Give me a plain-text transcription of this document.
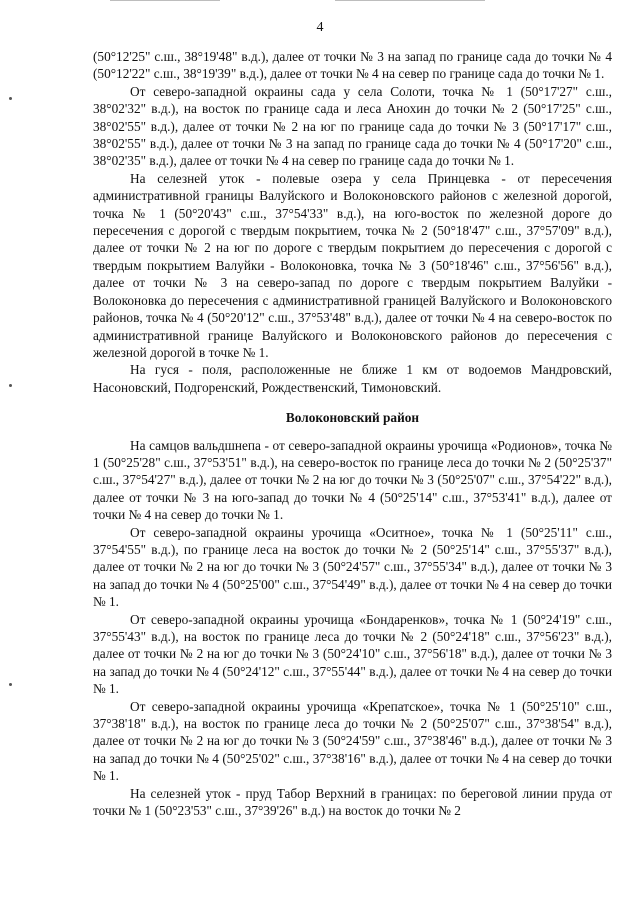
4

(50°12'25" с.ш., 38°19'48" в.д.), далее от точки № 3 на запад по границе сада до точки № 4 (50°12'22" с.ш., 38°19'39" в.д.), далее от точки № 4 на север по границе сада до точки № 1.

От северо-западной окраины сада у села Солоти, точка № 1 (50°17'27" с.ш., 38°02'32" в.д.), на восток по границе сада и леса Анохин до точки № 2 (50°17'25" с.ш., 38°02'55" в.д.), далее от точки № 2 на юг по границе сада до точки № 3 (50°17'17" с.ш., 38°02'55" в.д.), далее от точки № 3 на запад по границе сада до точки № 4 (50°17'20" с.ш., 38°02'35" в.д.), далее от точки № 4 на север по границе сада до точки № 1.

На селезней уток - полевые озера у села Принцевка - от пересечения административной границы Валуйского и Волоконовского районов с железной дорогой, точка № 1 (50°20'43" с.ш., 37°54'33" в.д.), на юго-восток по железной дороге до пересечения с дорогой с твердым покрытием, точка № 2 (50°18'47" с.ш., 37°57'09" в.д.), далее от точки № 2 на юг по дороге с твердым покрытием до пересечения с дорогой с твердым покрытием Валуйки - Волоконовка, точка № 3 (50°18'46" с.ш., 37°56'56" в.д.), далее от точки № 3 на северо-запад по дороге с твердым покрытием Валуйки - Волоконовка до пересечения с административной границей Валуйского и Волоконовского районов, точка № 4 (50°20'12" с.ш., 37°53'48" в.д.), далее от точки № 4 на северо-восток по административной границе Валуйского и Волоконовского районов до пересечения с железной дорогой в точке № 1.

На гуся - поля, расположенные не ближе 1 км от водоемов Мандровский, Насоновский, Подгоренский, Рождественский, Тимоновский.

Волоконовский район

На самцов вальдшнепа - от северо-западной окраины урочища «Родионов», точка № 1 (50°25'28" с.ш., 37°53'51" в.д.), на северо-восток по границе леса до точки № 2 (50°25'37" с.ш., 37°54'27" в.д.), далее от точки № 2 на юг до точки № 3 (50°25'07" с.ш., 37°54'22" в.д.), далее от точки № 3 на юго-запад до точки № 4 (50°25'14" с.ш., 37°53'41" в.д.), далее от точки № 4 на север до точки № 1.

От северо-западной окраины урочища «Оситное», точка № 1 (50°25'11" с.ш., 37°54'55" в.д.), по границе леса на восток до точки № 2 (50°25'14" с.ш., 37°55'37" в.д.), далее от точки № 2 на юг до точки № 3 (50°24'57" с.ш., 37°55'34" в.д.), далее от точки № 3 на запад до точки № 4 (50°25'00" с.ш., 37°54'49" в.д.), далее от точки № 4 на север до точки № 1.

От северо-западной окраины урочища «Бондаренков», точка № 1 (50°24'19" с.ш., 37°55'43" в.д.), на восток по границе леса до точки № 2 (50°24'18" с.ш., 37°56'23" в.д.), далее от точки № 2 на юг до точки № 3 (50°24'10" с.ш., 37°56'18" в.д.), далее от точки № 3 на запад до точки № 4 (50°24'12" с.ш., 37°55'44" в.д.), далее от точки № 4 на север до точки № 1.

От северо-западной окраины урочища «Крепатское», точка № 1 (50°25'10" с.ш., 37°38'18" в.д.), на восток по границе леса до точки № 2 (50°25'07" с.ш., 37°38'54" в.д.), далее от точки № 2 на юг до точки № 3 (50°24'59" с.ш., 37°38'46" в.д.), далее от точки № 3 на запад до точки № 4 (50°25'02" с.ш., 37°38'16" в.д.), далее от точки № 4 на север до точки № 1.

На селезней уток - пруд Табор Верхний в границах: по береговой линии пруда от точки № 1 (50°23'53" с.ш., 37°39'26" в.д.) на восток до точки № 2
